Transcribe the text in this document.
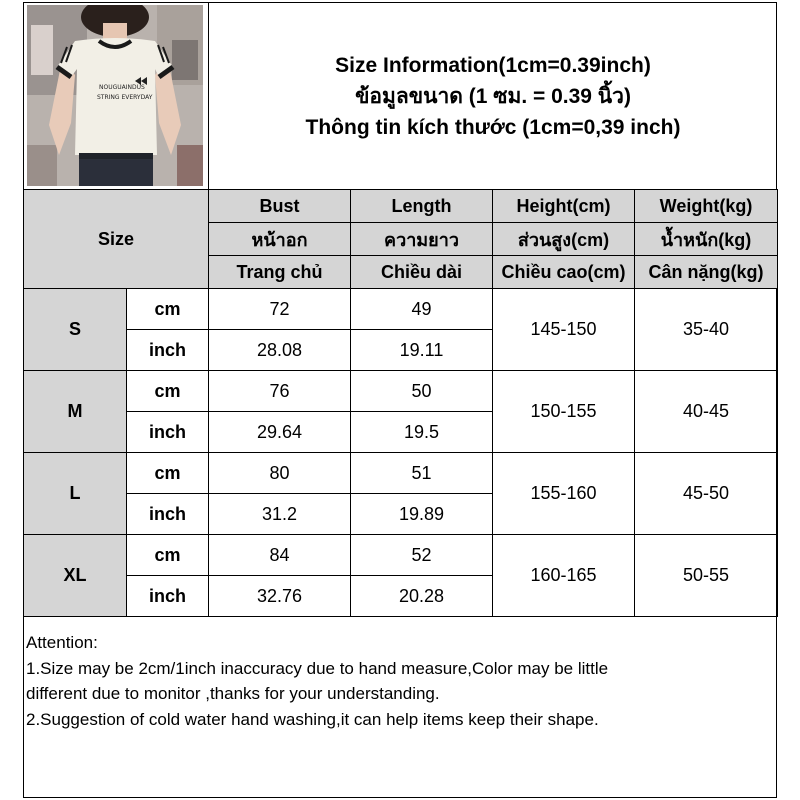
NOUGUAINDUS
STRING EVERYDAY
Size Information(1cm=0.39inch)
ข้อมูลขนาด (1 ซม. = 0.39 นิ้ว)
Thông tin kích thước (1cm=0,39 inch)
Size		Bust	Length	Height(cm)	Weight(kg)
		หน้าอก	ความยาว	ส่วนสูง(cm)	น้ำหนัก(kg)
		Trang chủ	Chiều dài	Chiều cao(cm)	Cân nặng(kg)
S	cm	72	49	145-150	35-40
	inch	28.08	19.11		
M	cm	76	50	150-155	40-45
	inch	29.64	19.5		
L	cm	80	51	155-160	45-50
	inch	31.2	19.89		
XL	cm	84	52	160-165	50-55
	inch	32.76	20.28		
Attention:
1.Size may be 2cm/1inch inaccuracy due to hand measure,Color may be little
different due to monitor ,thanks for your understanding.
2.Suggestion of cold water hand washing,it can help items keep their shape.
